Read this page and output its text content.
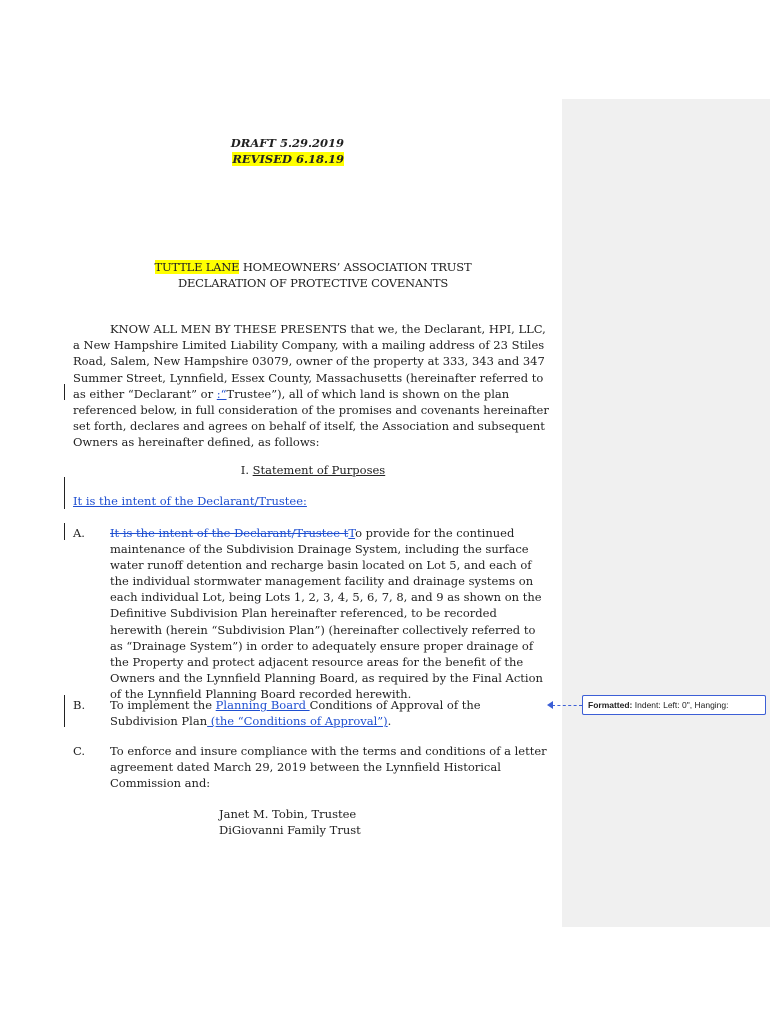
DRAFT 5.29.2019
REVISED 6.18.19
TUTTLE LANE HOMEOWNERS’ ASSOCIATION TRUST
DECLARATION OF PROTECTIVE COVENANTS
KNOW ALL MEN BY THESE PRESENTS that we, the Declarant, HPI, LLC, a New Hampshire Limited Liability Company, with a mailing address of 23 Stiles Road, Salem, New Hampshire 03079, owner of the property at 333, 343 and 347 Summer Street, Lynnfield, Essex County, Massachusetts (hereinafter referred to as either “Declarant” or :“Trustee”), all of which land is shown on the plan referenced below, in full consideration of the promises and covenants hereinafter set forth, declares and agrees on behalf of itself, the Association and subsequent Owners as hereinafter defined, as follows:
I. Statement of Purposes
It is the intent of the Declarant/Trustee:
A. It is the intent of the Declarant/Trustee tTo provide for the continued maintenance of the Subdivision Drainage System, including the surface water runoff detention and recharge basin located on Lot 5, and each of the individual stormwater management facility and drainage systems on each individual Lot, being Lots 1, 2, 3, 4, 5, 6, 7, 8, and 9 as shown on the Definitive Subdivision Plan hereinafter referenced, to be recorded herewith (herein “Subdivision Plan”) (hereinafter collectively referred to as “Drainage System”) in order to adequately ensure proper drainage of the Property and protect adjacent resource areas for the benefit of the Owners and the Lynnfield Planning Board, as required by the Final Action of the Lynnfield Planning Board recorded herewith.
B. To implement the Planning Board Conditions of Approval of the Subdivision Plan (the “Conditions of Approval”).
C. To enforce and insure compliance with the terms and conditions of a letter agreement dated March 29, 2019 between the Lynnfield Historical Commission and:
Janet M. Tobin, Trustee
DiGiovanni Family Trust
Formatted: Indent: Left: 0", Hanging:
